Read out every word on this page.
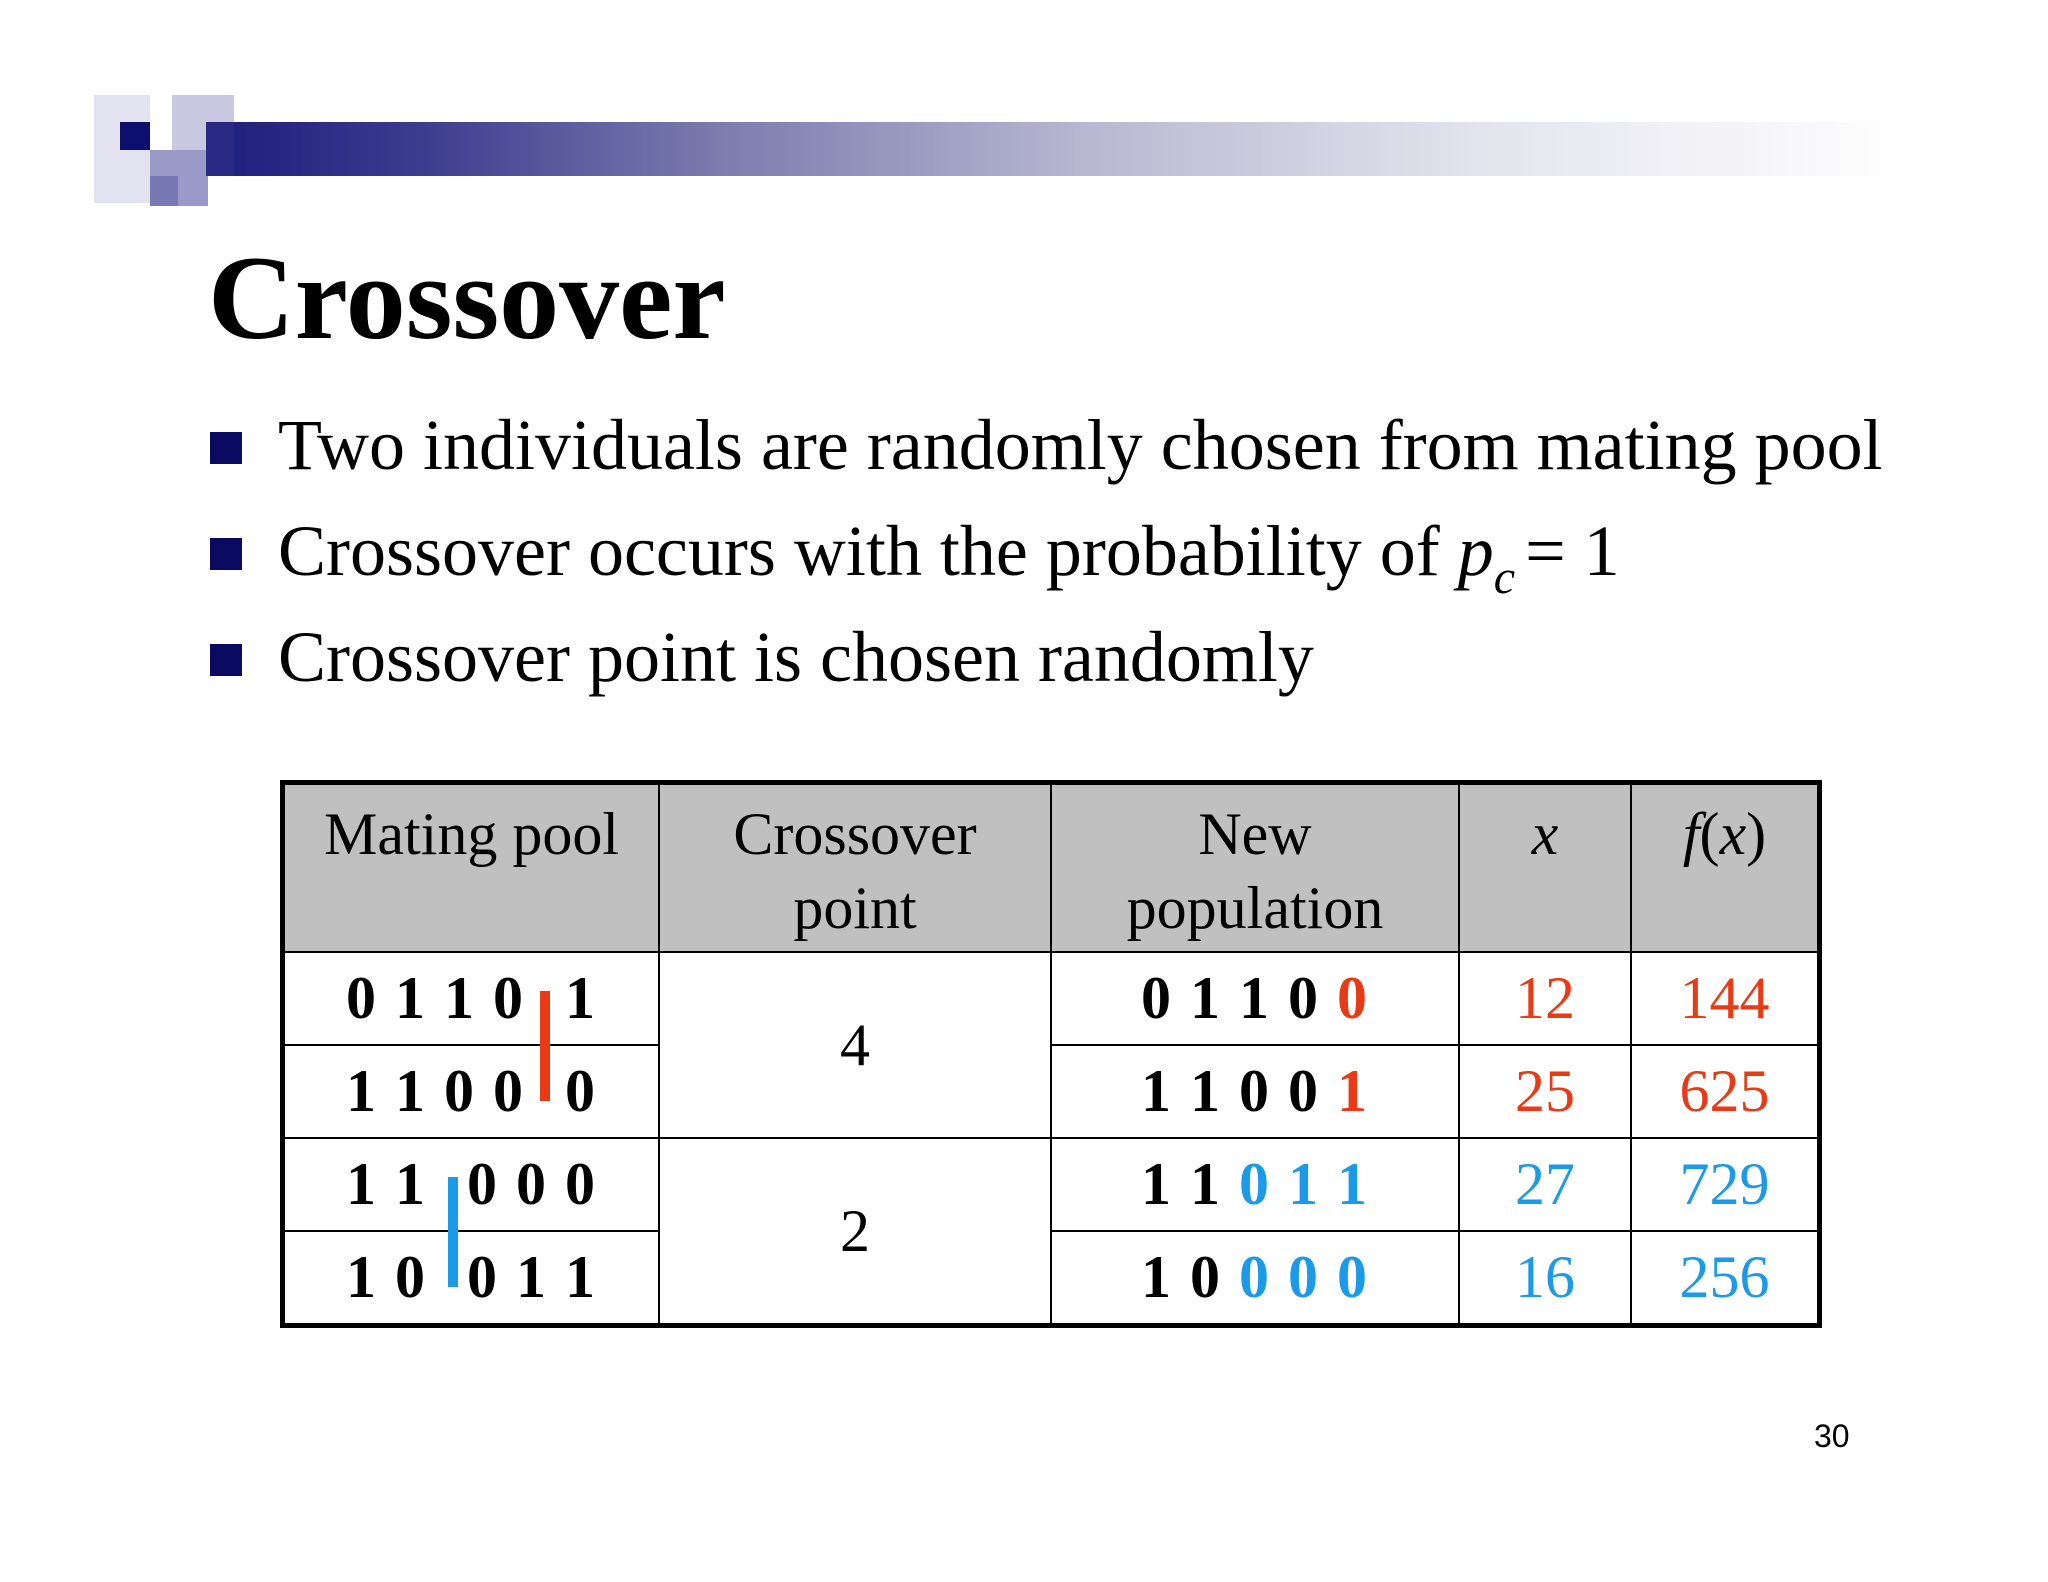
Crossover
Two individuals are randomly chosen from mating pool
Crossover occurs with the probability of $p_c = 1$
Crossover point is chosen randomly
Mating pool	Crossover point	New population	x	f(x)
0 1 1 0 1	4	0 1 1 0 0	12	144
1 1 0 0 0		1 1 0 0 1	25	625
1 1 0 0 0	2	1 1 0 1 1	27	729
1 0 0 1 1		1 0 0 0 0	16	256
30
